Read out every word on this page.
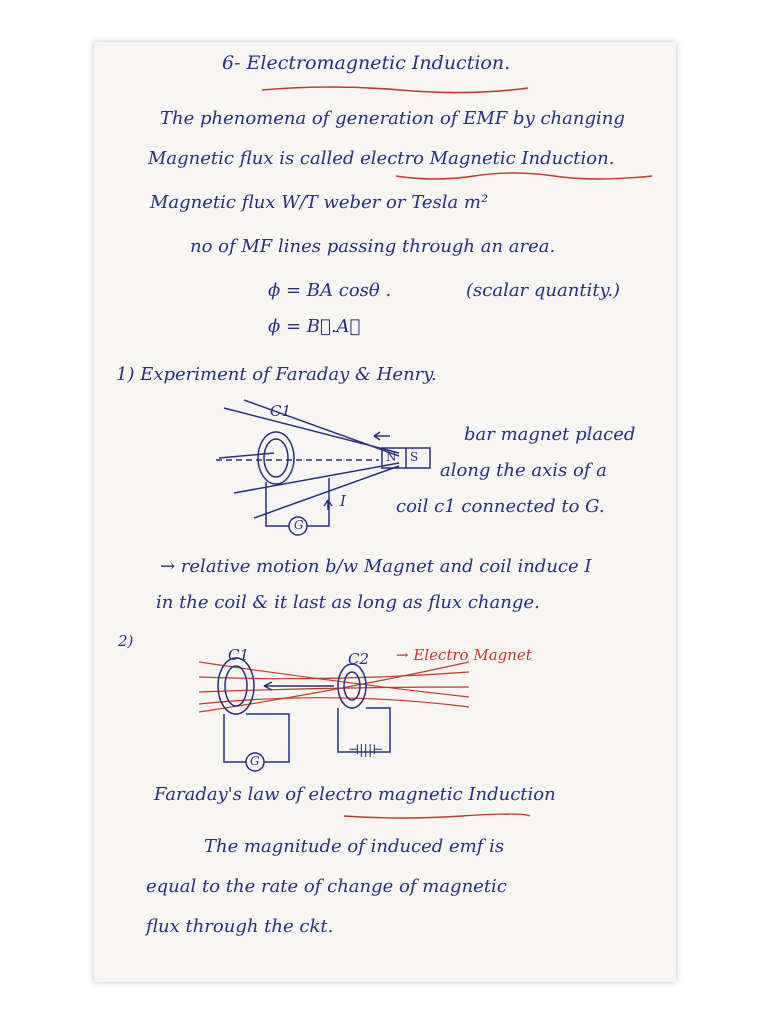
6- Electromagnetic Induction.
The phenomena of generation of EMF by changing
Magnetic flux is called electro Magnetic Induction.
Magnetic flux W/T weber or Tesla m²
no of MF lines passing through an area.
ϕ = BA cosθ .	(scalar quantity.)
ϕ = B⃗.A⃗
1) Experiment of Faraday & Henry.
C1
N S
I
G
bar magnet placed
along the axis of a
coil c1 connected to G.
→ relative motion b/w Magnet and coil induce I
in the coil & it last as long as flux change.
2)
C1	C2 → Electro Magnet
G
⊣|||⊢
Faraday's law of electro magnetic Induction
The magnitude of induced emf is
equal to the rate of change of magnetic
flux through the ckt.
